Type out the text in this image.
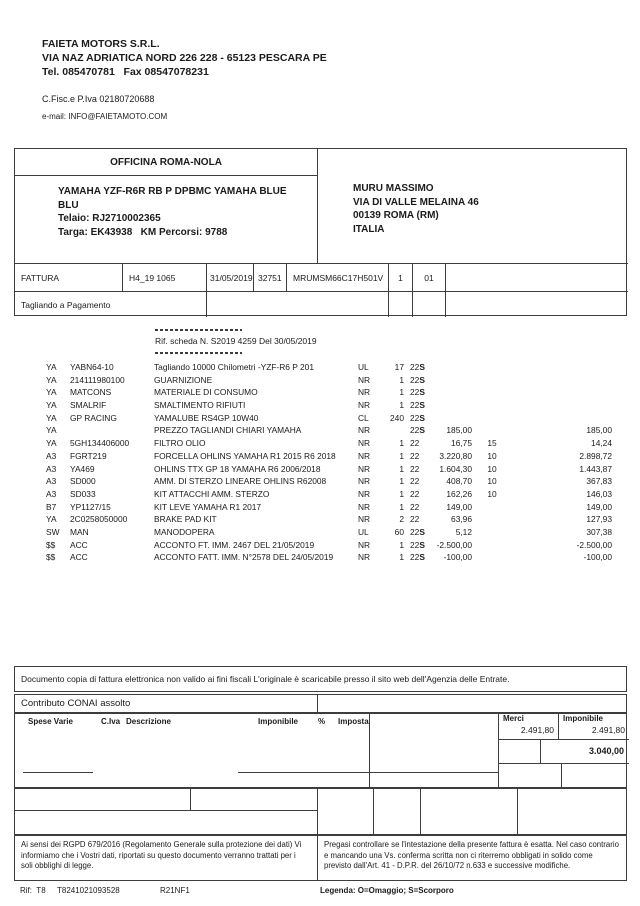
FAIETA MOTORS S.R.L.
VIA NAZ ADRIATICA NORD 226 228 - 65123 PESCARA PE
Tel. 085470781   Fax 08547078231
C.Fisc.e P.Iva 02180720688
e-mail: INFO@FAIETAMOTO.COM
OFFICINA ROMA-NOLA
YAMAHA YZF-R6R RB P DPBMC YAMAHA BLUE BLU
Telaio: RJ2710002365
Targa: EK43938   KM Percorsi: 9788
MURU MASSIMO
VIA DI VALLE MELAINA 46
00139 ROMA (RM)
ITALIA
FATTURA	H4_19 1065	31/05/2019 32751	MRUMSM66C17H501V	1	01
Tagliando a Pagamento
Rif. scheda N. S2019 4259 Del 30/05/2019
YA	YABN64-10	Tagliando 10000 Chilometri -YZF-R6 P 201	UL	17 22S
YA	214111980100	GUARNIZIONE	NR	1 22S
YA	MATCONS	MATERIALE DI CONSUMO	NR	1 22S
YA	SMALRIF	SMALTIMENTO RIFIUTI	NR	1 22S
YA	GP RACING	YAMALUBE RS4GP 10W40	CL	240 22S
YA	PREZZO TAGLIANDI CHIARI YAMAHA	NR	22S	185,00	185,00
YA	5GH134406000	FILTRO OLIO	NR	1 22	16,75	15	14,24
A3	FGRT219	FORCELLA OHLINS YAMAHA R1 2015 R6 2018	NR	1 22	3.220,80	10	2.898,72
A3	YA469	OHLINS TTX GP 18 YAMAHA R6 2006/2018	NR	1 22	1.604,30	10	1.443,87
A3	SD000	AMM. DI STERZO LINEARE OHLINS R62008	NR	1 22	408,70	10	367,83
A3	SD033	KIT ATTACCHI AMM. STERZO	NR	1 22	162,26	10	146,03
B7	YP1127/15	KIT LEVE YAMAHA R1 2017	NR	1 22	149,00	149,00
YA	2C0258050000	BRAKE PAD KIT	NR	2 22	63,96	127,93
SW	MAN	MANODOPERA	UL	60 22S	5,12	307,38
$$	ACC	ACCONTO FT. IMM. 2467 DEL 21/05/2019	NR	1 22S	-2.500,00	-2.500,00
$$	ACC	ACCONTO FATT. IMM. N°2578 DEL 24/05/2019	NR	1 22S	-100,00	-100,00
Documento copia di fattura elettronica non valido ai fini fiscali L'originale è scaricabile presso il sito web dell'Agenzia delle Entrate.
Contributo CONAI assolto
Spese Varie	C.Iva Descrizione	Imponibile	% Imposta	Merci
2.491,80
Imponibile
2.491,80
3.040,00
Ai sensi dei RGPD 679/2016 (Regolamento Generale sulla protezione dei dati) Vi informiamo che i Vostri dati, riportati su questo documento verranno trattati per i soli obblighi di legge.
Pregasi controllare se l'intestazione della presente fattura è esatta. Nel caso contrario e mancando una Vs. conferma scritta non ci riterremo obbligati in solido come previsto dall'Art. 41 - D.P.R. del 26/10/72 n.633 e successive modifiche.
Rif:  T8 T8241021093528	R21NF1	Legenda: O=Omaggio; S=Scorporo
